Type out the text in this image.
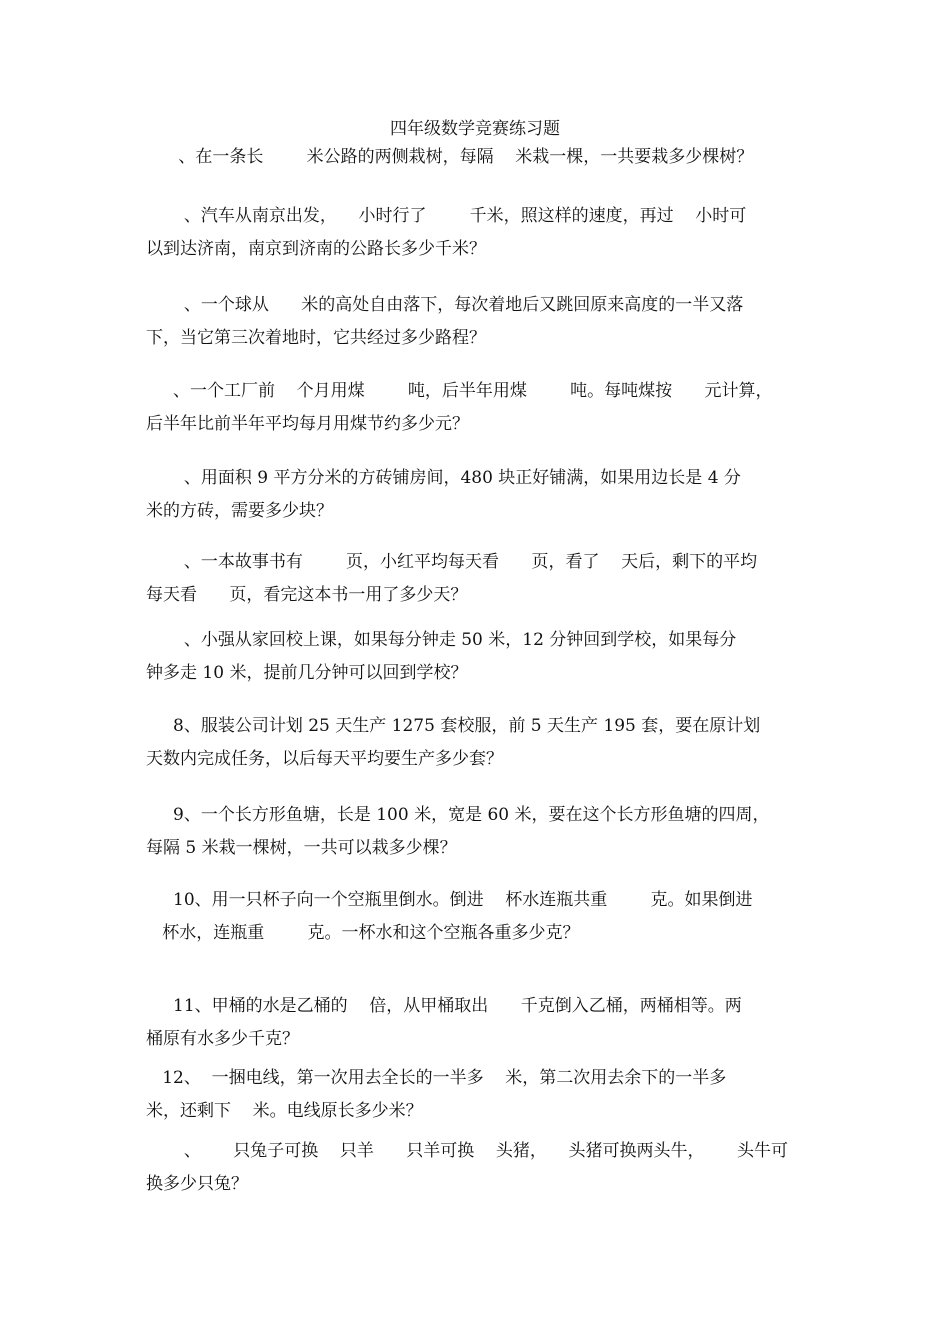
四年级数学竞赛练习题
、在一条长        米公路的两侧栽树，每隔    米栽一棵，一共要栽多少棵树？
、汽车从南京出发，    小时行了        千米，照这样的速度，再过    小时可
以到达济南，南京到济南的公路长多少千米？
、一个球从      米的高处自由落下，每次着地后又跳回原来高度的一半又落
下，当它第三次着地时，它共经过多少路程？
、一个工厂前    个月用煤        吨，后半年用煤        吨。每吨煤按      元计算，
后半年比前半年平均每月用煤节约多少元？
、用面积 9 平方分米的方砖铺房间，480 块正好铺满，如果用边长是 4 分
米的方砖，需要多少块？
、一本故事书有        页，小红平均每天看      页，看了    天后，剩下的平均
每天看      页，看完这本书一用了多少天？
、小强从家回校上课，如果每分钟走 50 米，12 分钟回到学校，如果每分
钟多走 10 米，提前几分钟可以回到学校？
8、服装公司计划 25 天生产 1275 套校服，前 5 天生产 195 套，要在原计划
天数内完成任务，以后每天平均要生产多少套？
9、一个长方形鱼塘，长是 100 米，宽是 60 米，要在这个长方形鱼塘的四周，
每隔 5 米栽一棵树，一共可以栽多少棵？
10、用一只杯子向一个空瓶里倒水。倒进    杯水连瓶共重        克。如果倒进
杯水，连瓶重        克。一杯水和这个空瓶各重多少克？
11、甲桶的水是乙桶的    倍，从甲桶取出      千克倒入乙桶，两桶相等。两
桶原有水多少千克？
12、  一捆电线，第一次用去全长的一半多    米，第二次用去余下的一半多
米，还剩下    米。电线原长多少米？
、      只兔子可换    只羊      只羊可换    头猪，    头猪可换两头牛，      头牛可
换多少只兔？
